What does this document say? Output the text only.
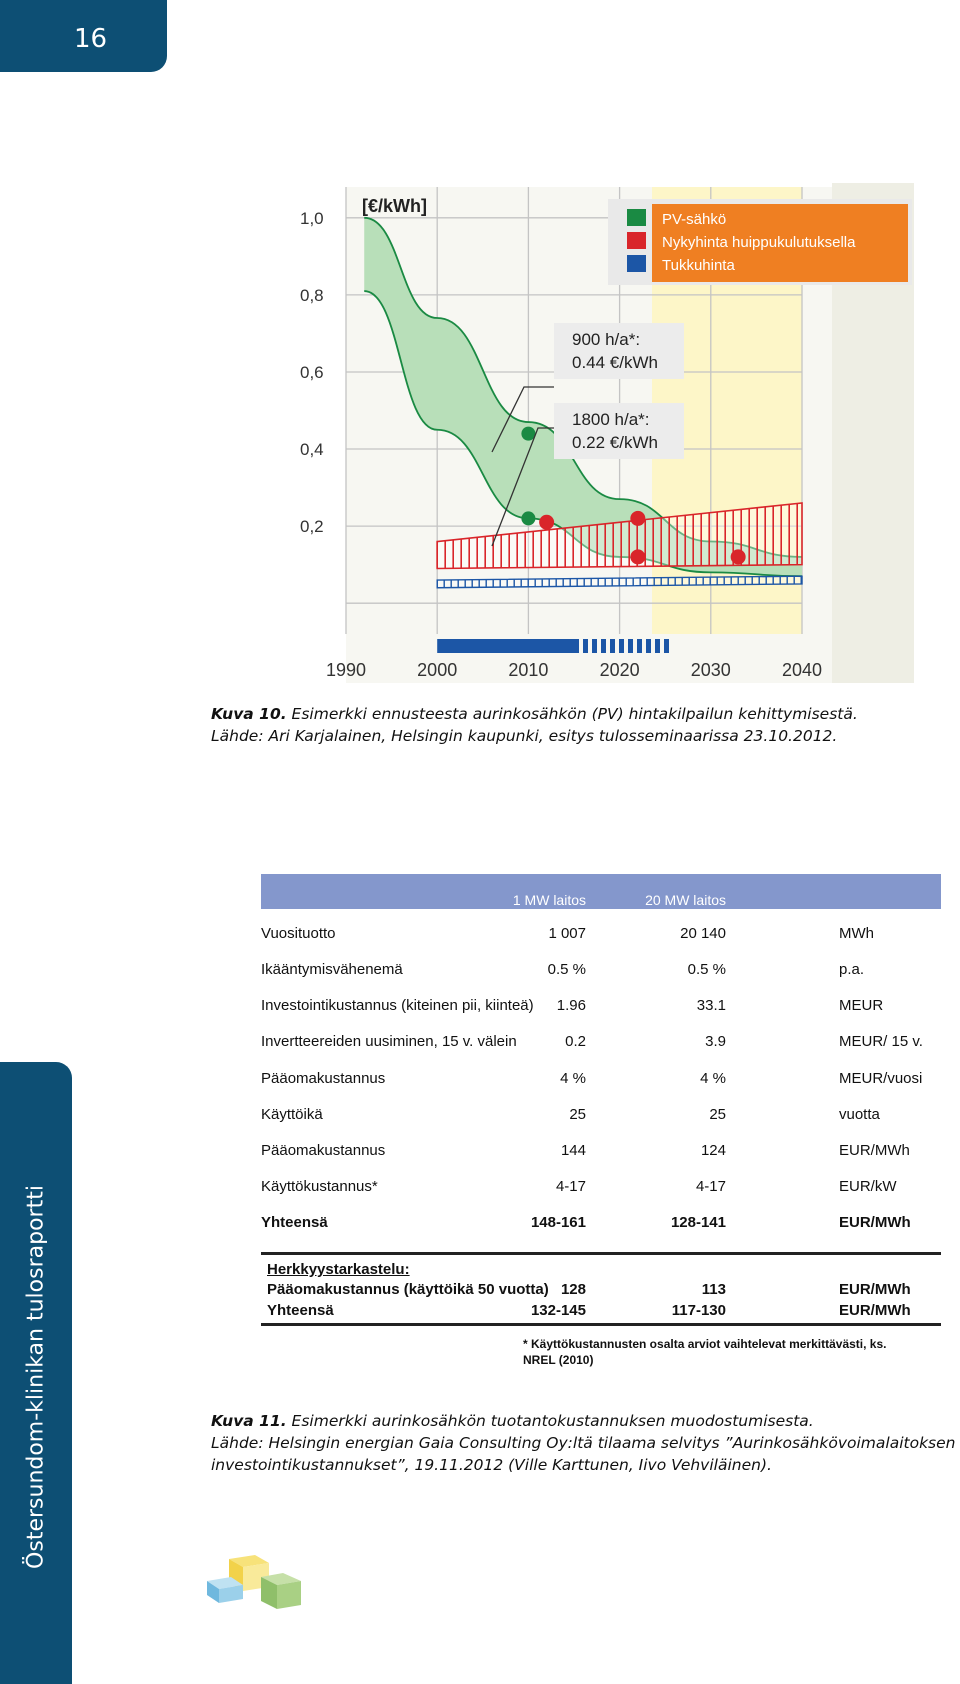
16
Östersundom-klinikan tulosraportti
1,0
0,8
0,6
0,4
0,2
1990	2000	2010	2020	2030	2040
[€/kWh]
PV-sähkö
Nykyhinta huippukulutuksella
Tukkuhinta
900 h/a*:
0.44 €/kWh
1800 h/a*:
0.22 €/kWh
Kuva 10. Esimerkki ennusteesta aurinkosähkön (PV) hintakilpailun kehittymisestä.
Lähde: Ari Karjalainen, Helsingin kaupunki, esitys tulosseminaarissa 23.10.2012.
1 MW laitos	20 MW laitos
Vuosituotto	1 007	20 140	MWh
Ikääntymisvähenemä	0.5 %	0.5 %	p.a.
Investointikustannus (kiteinen pii, kiinteä) 1.96	33.1	MEUR
Invertteereiden uusiminen, 15 v. välein	0.2	3.9	MEUR/ 15 v.
Pääomakustannus	4 %	4 %	MEUR/vuosi
Käyttöikä	25	25	vuotta
Pääomakustannus	144	124	EUR/MWh
Käyttökustannus*	4-17	4-17	EUR/kW
Yhteensä	148-161	128-141	EUR/MWh
Herkkyystarkastelu:
Pääomakustannus (käyttöikä 50 vuotta) 128	113	EUR/MWh
Yhteensä	132-145	117-130	EUR/MWh
* Käyttökustannusten osalta arviot vaihtelevat merkittävästi, ks.
NREL (2010)
Kuva 11. Esimerkki aurinkosähkön tuotantokustannuksen muodostumisesta.
Lähde: Helsingin energian Gaia Consulting Oy:ltä tilaama selvitys ”Aurinkosähkövoimalaitoksen
investointikustannukset”, 19.11.2012 (Ville Karttunen, Iivo Vehviläinen).
